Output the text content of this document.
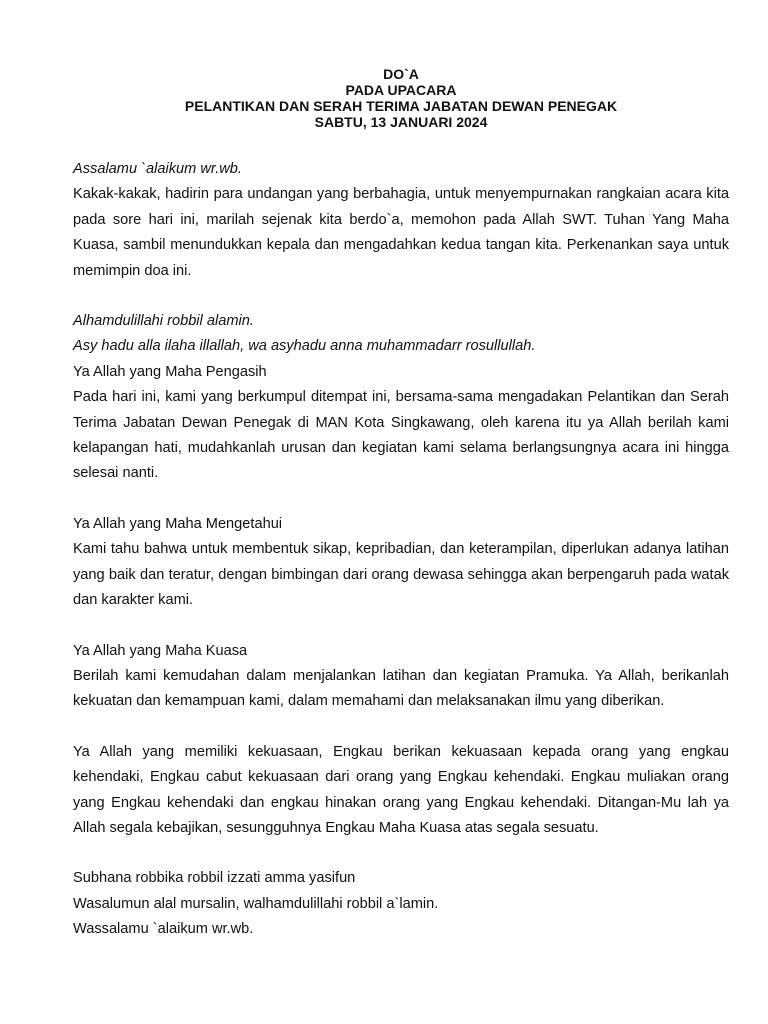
DO`A
PADA UPACARA
PELANTIKAN DAN SERAH TERIMA JABATAN DEWAN PENEGAK
SABTU, 13 JANUARI 2024

Assalamu `alaikum wr.wb.

Kakak-kakak, hadirin para undangan yang berbahagia, untuk menyempurnakan rangkaian acara kita pada sore hari ini, marilah sejenak kita berdo`a, memohon pada Allah SWT. Tuhan Yang Maha Kuasa, sambil menundukkan kepala dan mengadahkan kedua tangan kita. Perkenankan saya untuk memimpin doa ini.

Alhamdulillahi robbil alamin.

Asy hadu alla ilaha illallah, wa asyhadu anna muhammadarr rosullullah.

Ya Allah yang Maha Pengasih

Pada hari ini, kami yang berkumpul ditempat ini, bersama-sama mengadakan Pelantikan dan Serah Terima Jabatan Dewan Penegak di MAN Kota Singkawang, oleh karena itu ya Allah berilah kami kelapangan hati, mudahkanlah urusan dan kegiatan kami selama berlangsungnya acara ini hingga selesai nanti.

Ya Allah yang Maha Mengetahui

Kami tahu bahwa untuk membentuk sikap, kepribadian, dan keterampilan, diperlukan adanya latihan yang baik dan teratur, dengan bimbingan dari orang dewasa sehingga akan berpengaruh pada watak dan karakter kami.

Ya Allah yang Maha Kuasa

Berilah kami kemudahan dalam menjalankan latihan dan kegiatan Pramuka. Ya Allah, berikanlah kekuatan dan kemampuan kami, dalam memahami dan melaksanakan ilmu yang diberikan.

Ya Allah yang memiliki kekuasaan, Engkau berikan kekuasaan kepada orang yang engkau kehendaki, Engkau cabut kekuasaan dari orang yang Engkau kehendaki. Engkau muliakan orang yang Engkau kehendaki dan engkau hinakan orang yang Engkau kehendaki. Ditangan-Mu lah ya Allah segala kebajikan, sesungguhnya Engkau Maha Kuasa atas segala sesuatu.

Subhana robbika robbil izzati amma yasifun

Wasalumun alal mursalin, walhamdulillahi robbil a`lamin.

Wassalamu `alaikum wr.wb.
